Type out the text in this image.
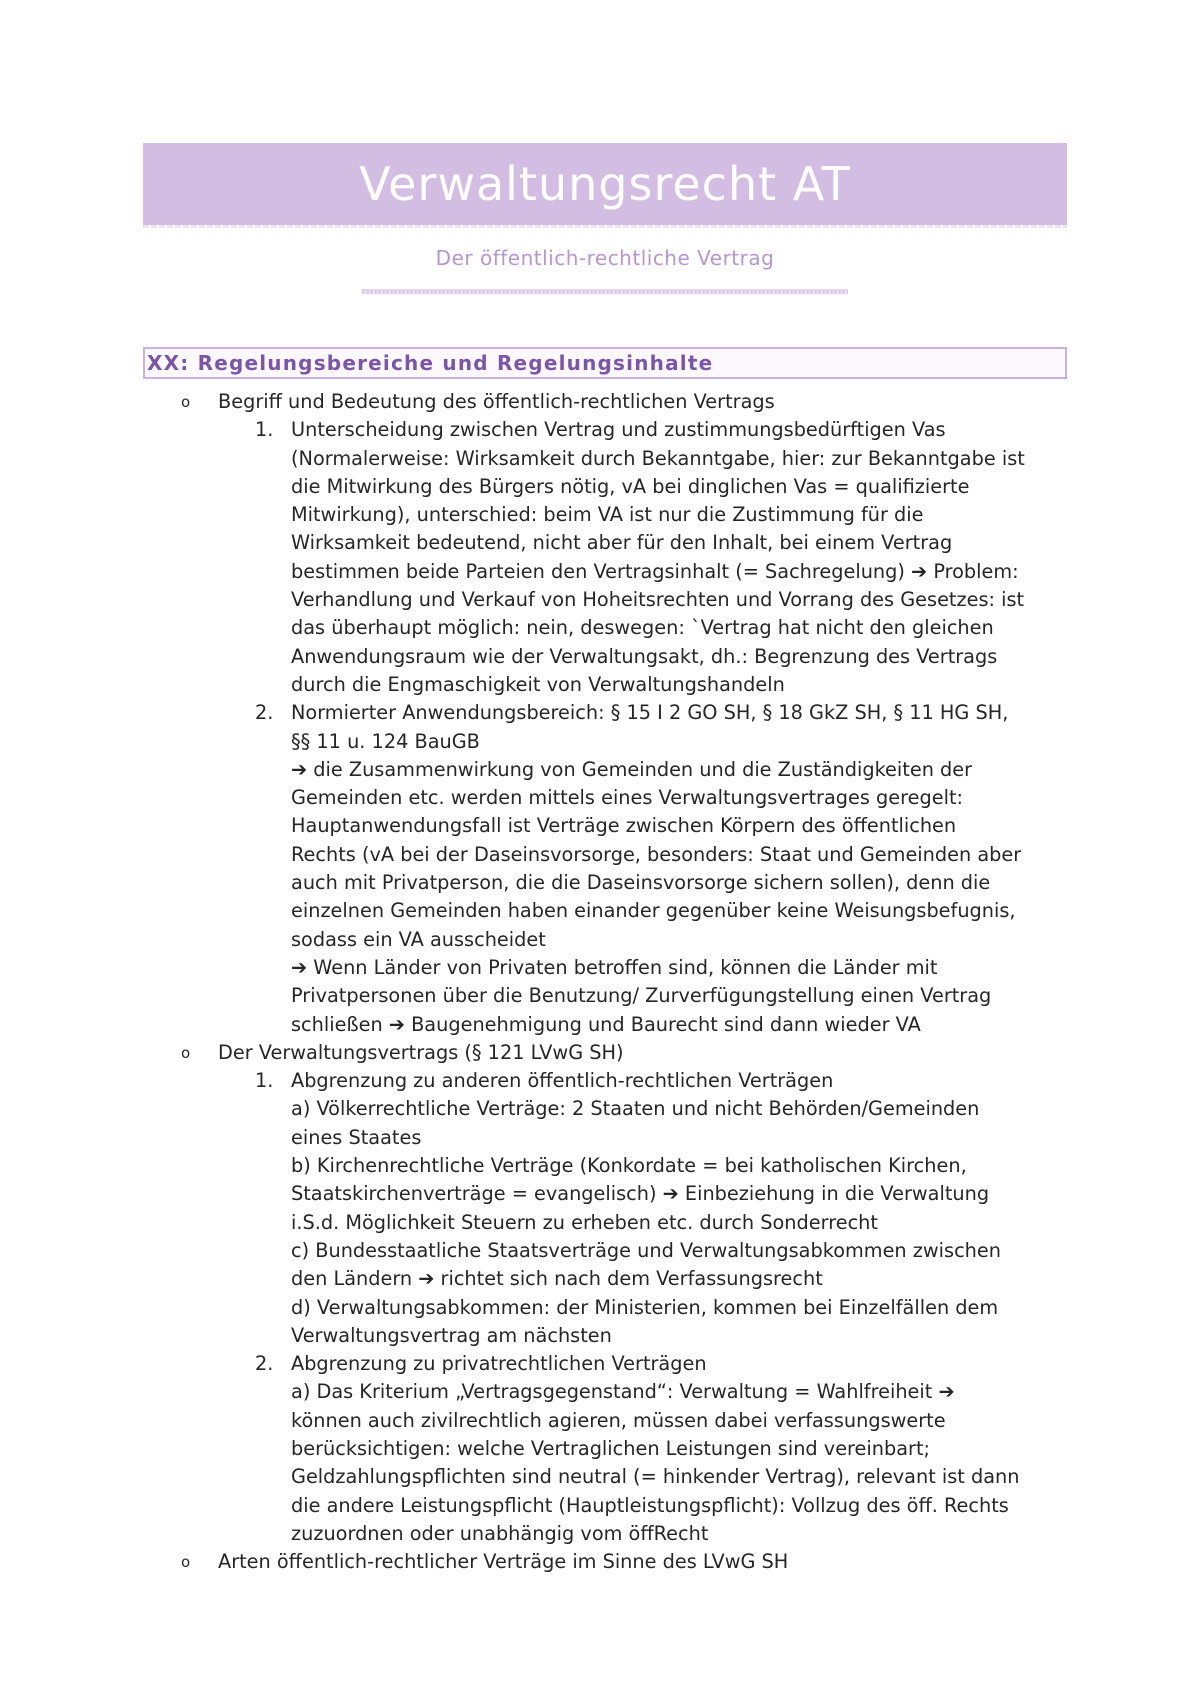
Verwaltungsrecht AT
Der öffentlich-rechtliche Vertrag
XX: Regelungsbereiche und Regelungsinhalte
o Begriff und Bedeutung des öffentlich-rechtlichen Vertrags
1. Unterscheidung zwischen Vertrag und zustimmungsbedürftigen Vas
(Normalerweise: Wirksamkeit durch Bekanntgabe, hier: zur Bekanntgabe ist
die Mitwirkung des Bürgers nötig, vA bei dinglichen Vas = qualifizierte
Mitwirkung), unterschied: beim VA ist nur die Zustimmung für die
Wirksamkeit bedeutend, nicht aber für den Inhalt, bei einem Vertrag
bestimmen beide Parteien den Vertragsinhalt (= Sachregelung) ➔ Problem:
Verhandlung und Verkauf von Hoheitsrechten und Vorrang des Gesetzes: ist
das überhaupt möglich: nein, deswegen: `Vertrag hat nicht den gleichen
Anwendungsraum wie der Verwaltungsakt, dh.: Begrenzung des Vertrags
durch die Engmaschigkeit von Verwaltungshandeln
2. Normierter Anwendungsbereich: § 15 I 2 GO SH, § 18 GkZ SH, § 11 HG SH,
§§ 11 u. 124 BauGB
➔ die Zusammenwirkung von Gemeinden und die Zuständigkeiten der
Gemeinden etc. werden mittels eines Verwaltungsvertrages geregelt:
Hauptanwendungsfall ist Verträge zwischen Körpern des öffentlichen
Rechts (vA bei der Daseinsvorsorge, besonders: Staat und Gemeinden aber
auch mit Privatperson, die die Daseinsvorsorge sichern sollen), denn die
einzelnen Gemeinden haben einander gegenüber keine Weisungsbefugnis,
sodass ein VA ausscheidet
➔ Wenn Länder von Privaten betroffen sind, können die Länder mit
Privatpersonen über die Benutzung/ Zurverfügungstellung einen Vertrag
schließen ➔ Baugenehmigung und Baurecht sind dann wieder VA
o Der Verwaltungsvertrags (§ 121 LVwG SH)
1. Abgrenzung zu anderen öffentlich-rechtlichen Verträgen
a) Völkerrechtliche Verträge: 2 Staaten und nicht Behörden/Gemeinden
eines Staates
b) Kirchenrechtliche Verträge (Konkordate = bei katholischen Kirchen,
Staatskirchenverträge = evangelisch) ➔ Einbeziehung in die Verwaltung
i.S.d. Möglichkeit Steuern zu erheben etc. durch Sonderrecht
c) Bundesstaatliche Staatsverträge und Verwaltungsabkommen zwischen
den Ländern ➔ richtet sich nach dem Verfassungsrecht
d) Verwaltungsabkommen: der Ministerien, kommen bei Einzelfällen dem
Verwaltungsvertrag am nächsten
2. Abgrenzung zu privatrechtlichen Verträgen
a) Das Kriterium „Vertragsgegenstand“: Verwaltung = Wahlfreiheit ➔
können auch zivilrechtlich agieren, müssen dabei verfassungswerte
berücksichtigen: welche Vertraglichen Leistungen sind vereinbart;
Geldzahlungspflichten sind neutral (= hinkender Vertrag), relevant ist dann
die andere Leistungspflicht (Hauptleistungspflicht): Vollzug des öff. Rechts
zuzuordnen oder unabhängig vom öffRecht
o Arten öffentlich-rechtlicher Verträge im Sinne des LVwG SH
